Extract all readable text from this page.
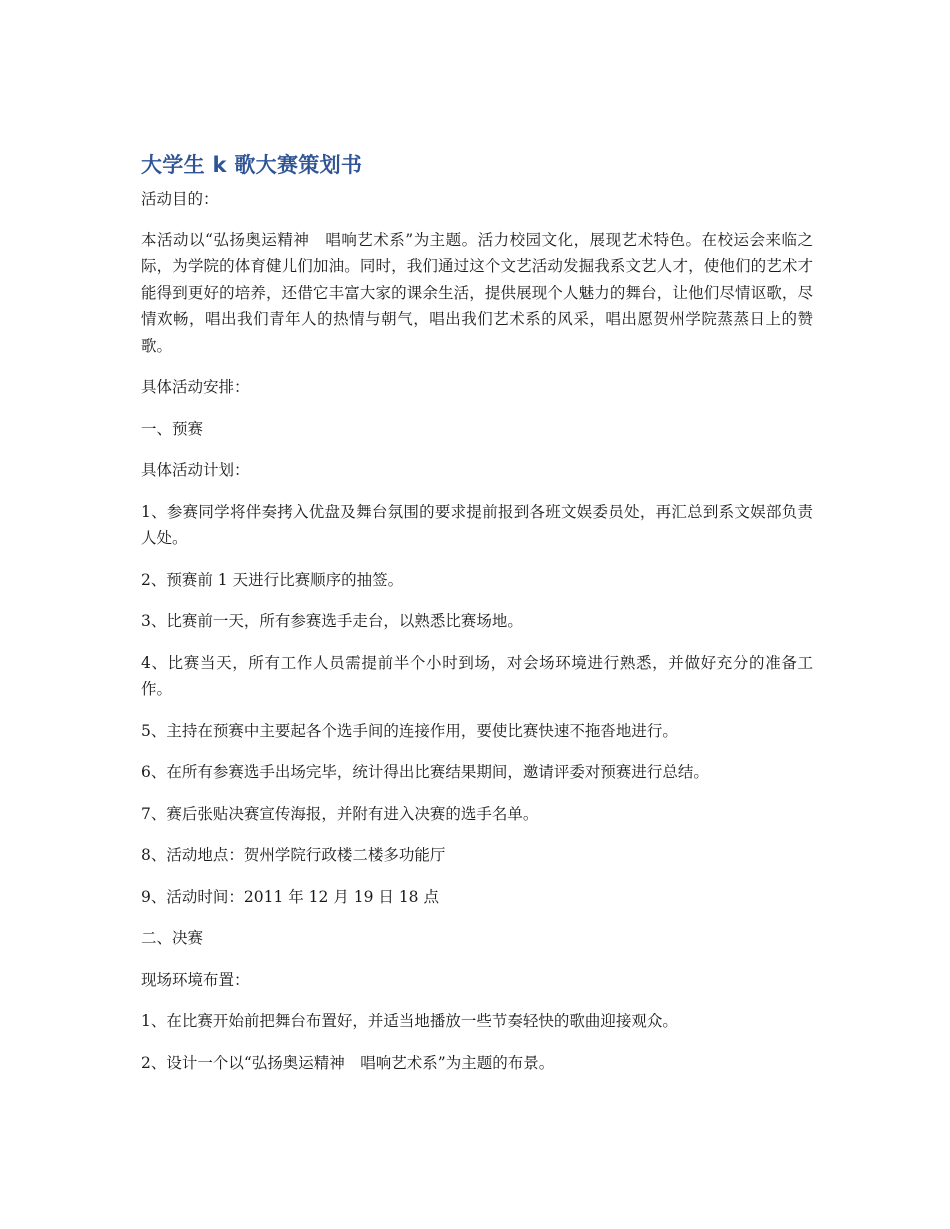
大学生 k 歌大赛策划书

活动目的：

本活动以“弘扬奥运精神　唱响艺术系”为主题。活力校园文化，展现艺术特色。在校运会来临之际，为学院的体育健儿们加油。同时，我们通过这个文艺活动发掘我系文艺人才，使他们的艺术才能得到更好的培养，还借它丰富大家的课余生活，提供展现个人魅力的舞台，让他们尽情讴歌，尽情欢畅，唱出我们青年人的热情与朝气，唱出我们艺术系的风采，唱出愿贺州学院蒸蒸日上的赞歌。

具体活动安排：

一、预赛

具体活动计划：

1、参赛同学将伴奏拷入优盘及舞台氛围的要求提前报到各班文娱委员处，再汇总到系文娱部负责人处。

2、预赛前 1 天进行比赛顺序的抽签。

3、比赛前一天，所有参赛选手走台，以熟悉比赛场地。

4、比赛当天，所有工作人员需提前半个小时到场，对会场环境进行熟悉，并做好充分的准备工作。

5、主持在预赛中主要起各个选手间的连接作用，要使比赛快速不拖沓地进行。

6、在所有参赛选手出场完毕，统计得出比赛结果期间，邀请评委对预赛进行总结。

7、赛后张贴决赛宣传海报，并附有进入决赛的选手名单。

8、活动地点：贺州学院行政楼二楼多功能厅

9、活动时间：2011 年 12 月 19 日 18 点

二、决赛

现场环境布置：

1、在比赛开始前把舞台布置好，并适当地播放一些节奏轻快的歌曲迎接观众。

2、设计一个以“弘扬奥运精神　唱响艺术系”为主题的布景。
